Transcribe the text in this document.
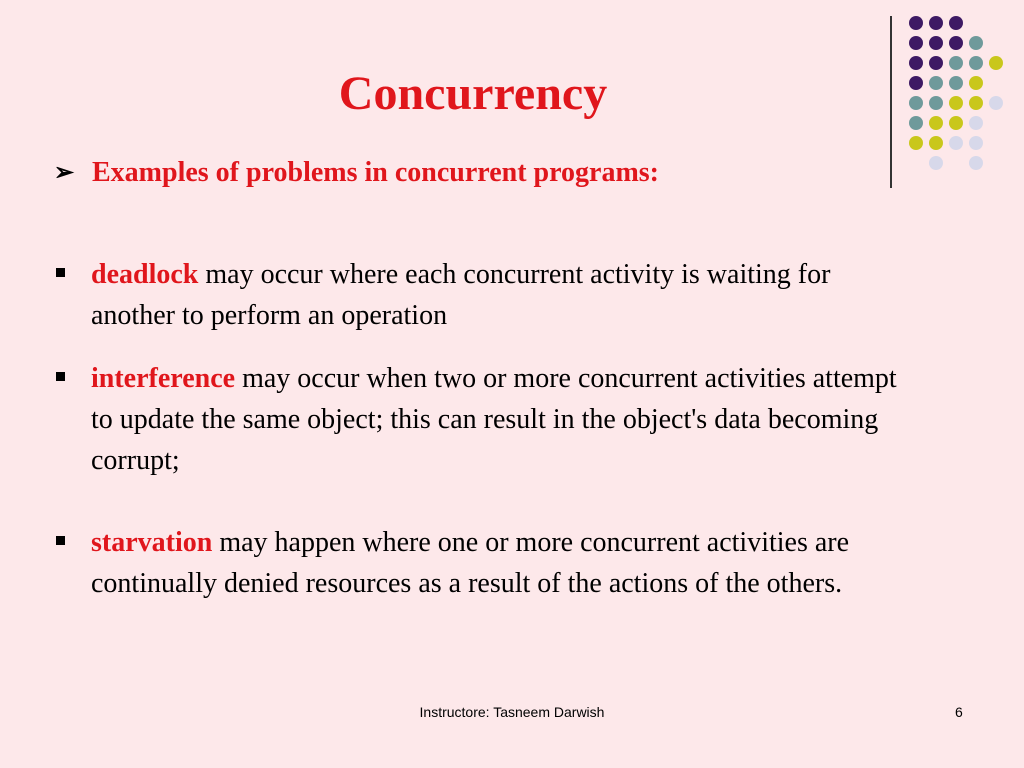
Concurrency
➢ Examples of problems in concurrent programs:
deadlock may occur where each concurrent activity is waiting for another to perform an operation
interference may occur when two or more concurrent activities attempt to update the same object; this can result in the object's data becoming corrupt;
starvation may happen where one or more concurrent activities are continually denied resources as a result of the actions of the others.
Instructore: Tasneem Darwish	6
